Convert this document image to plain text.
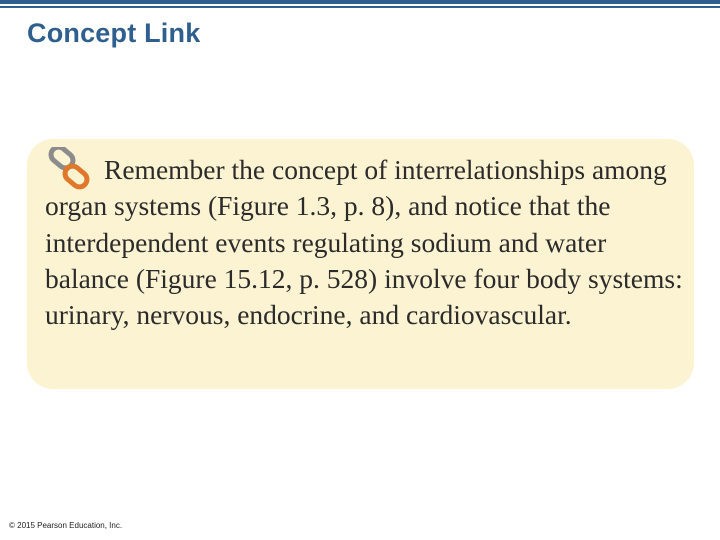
Concept Link

Remember the concept of interrelationships among organ systems (Figure 1.3, p. 8), and notice that the interdependent events regulating sodium and water balance (Figure 15.12, p. 528) involve four body systems: urinary, nervous, endocrine, and cardiovascular.

© 2015 Pearson Education, Inc.
